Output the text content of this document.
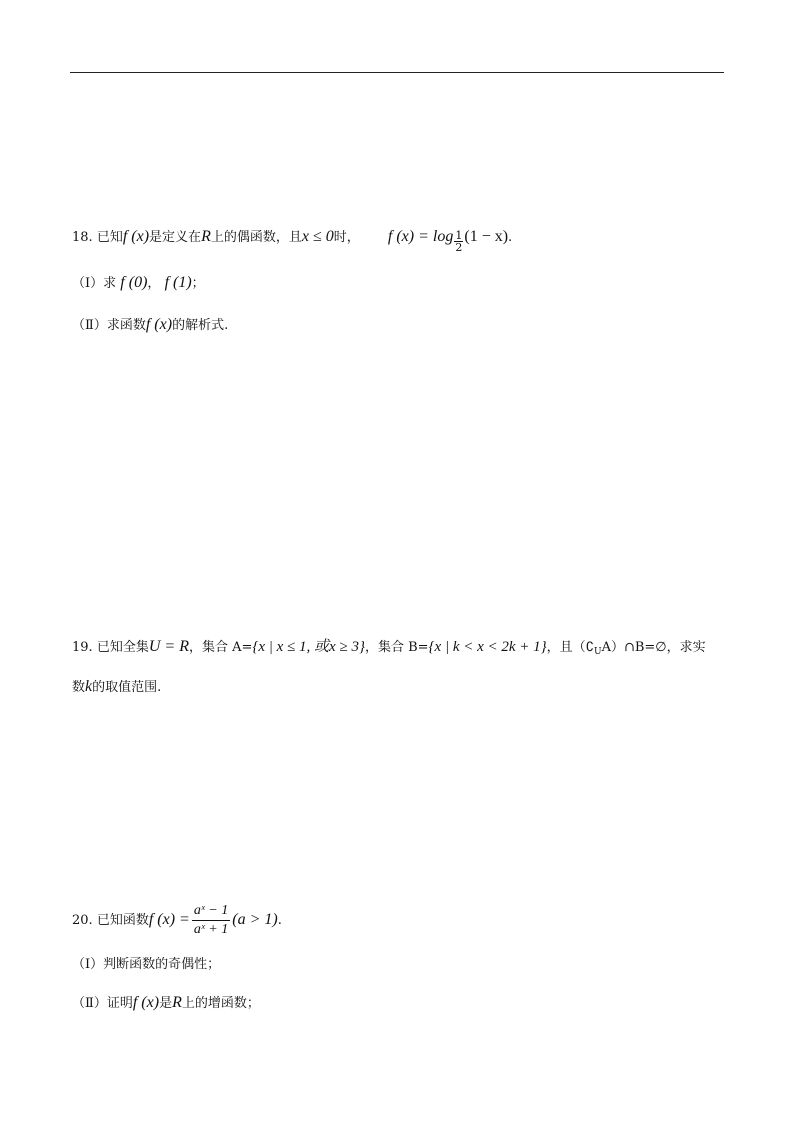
18. 已知f (x)是定义在R上的偶函数，且x ≤ 0时， f $(x) = \log \frac{1}{2} (1 - x)$.
（Ⅰ）求 f (0)， f (1)；
（Ⅱ）求函数f (x)的解析式.
19. 已知全集U = R，集合 A={x | x ≤ 1, 或x ≥ 3}，集合 B={x | k < x < 2k + 1}，且$(∁_UA)\cap B=\emptyset$，求实
数k的取值范围.
20. 已知函数f $(x) = \frac{\text{aˣ − 1}}{\text{aˣ + 1}} (a > 1)$.
（Ⅰ）判断函数的奇偶性；
（Ⅱ）证明f (x)是R上的增函数；
